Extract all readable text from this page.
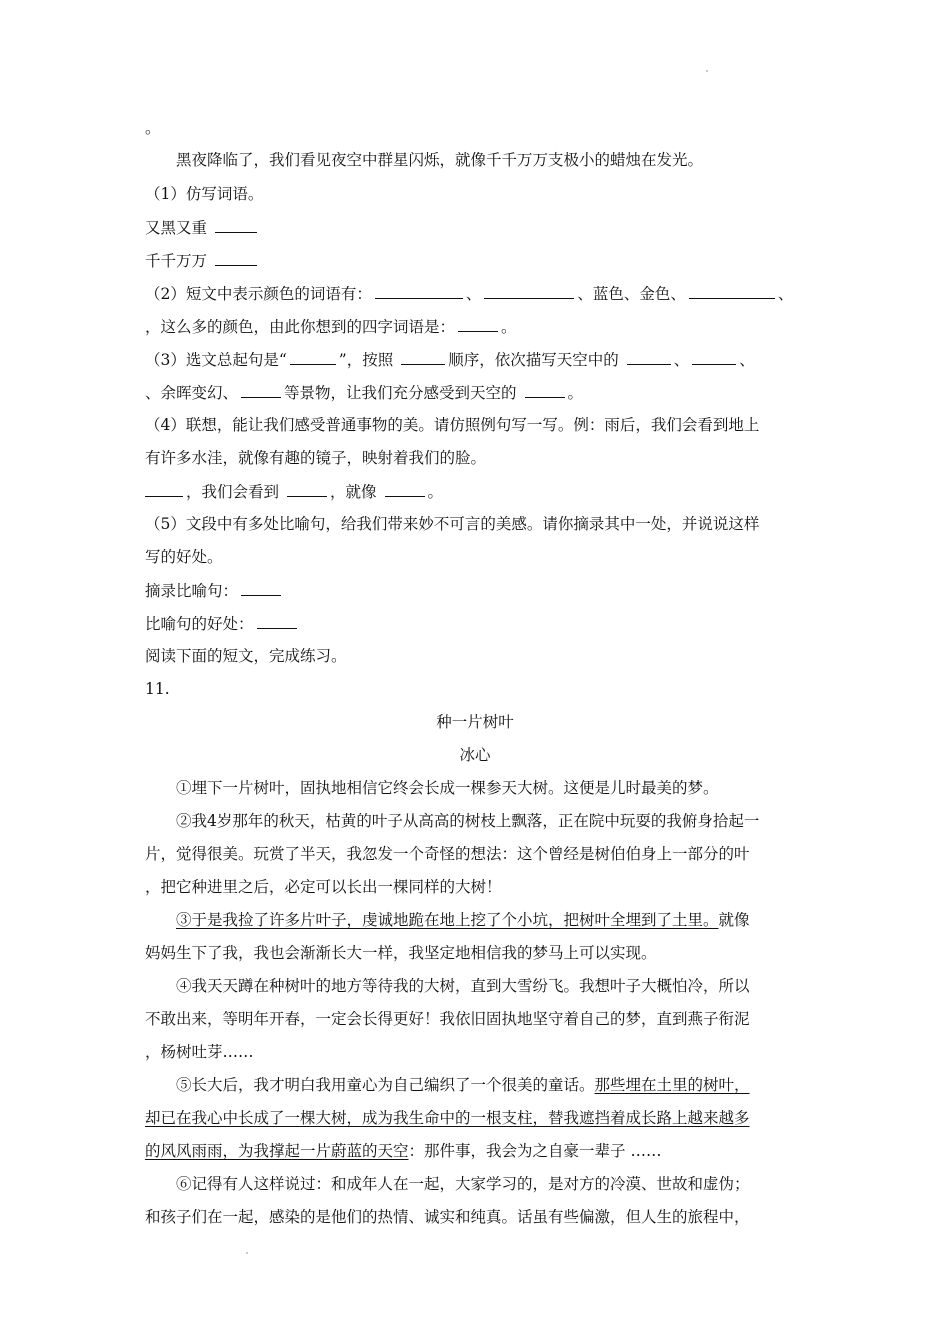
。
黑夜降临了，我们看见夜空中群星闪烁，就像千千万万支极小的蜡烛在发光。
（1）仿写词语。
又黑又重
千千万万
（2）短文中表示颜色的词语有：	、	、蓝色、金色、	、
，这么多的颜色，由此你想到的四字词语是：	。
（3）选文总起句是“	”，按照	顺序，依次描写天空中的	、	、
、余晖变幻、	等景物，让我们充分感受到天空的	。
（4）联想，能让我们感受普通事物的美。请仿照例句写一写。例：雨后，我们会看到地上
有许多水洼，就像有趣的镜子，映射着我们的脸。
，我们会看到	，就像	。
（5）文段中有多处比喻句，给我们带来妙不可言的美感。请你摘录其中一处，并说说这样
写的好处。
摘录比喻句：
比喻句的好处：
阅读下面的短文，完成练习。
11.
种一片树叶
冰心
①埋下一片树叶，固执地相信它终会长成一棵参天大树。这便是儿时最美的梦。
②我4岁那年的秋天，枯黄的叶子从高高的树枝上飘落，正在院中玩耍的我俯身拾起一
片，觉得很美。玩赏了半天，我忽发一个奇怪的想法：这个曾经是树伯伯身上一部分的叶
，把它种进里之后，必定可以长出一棵同样的大树！
③于是我捡了许多片叶子，虔诚地跪在地上挖了个小坑，把树叶全埋到了土里。就像
妈妈生下了我，我也会渐渐长大一样，我坚定地相信我的梦马上可以实现。
④我天天蹲在种树叶的地方等待我的大树，直到大雪纷飞。我想叶子大概怕冷，所以
不敢出来，等明年开春，一定会长得更好！我依旧固执地坚守着自己的梦，直到燕子衔泥
，杨树吐芽……
⑤长大后，我才明白我用童心为自己编织了一个很美的童话。那些埋在土里的树叶，
却已在我心中长成了一棵大树，成为我生命中的一根支柱，替我遮挡着成长路上越来越多
的风风雨雨，为我撑起一片蔚蓝的天空：那件事，我会为之自豪一辈子 ……
⑥记得有人这样说过：和成年人在一起，大家学习的，是对方的冷漠、世故和虚伪；
和孩子们在一起，感染的是他们的热情、诚实和纯真。话虽有些偏激，但人生的旅程中，
